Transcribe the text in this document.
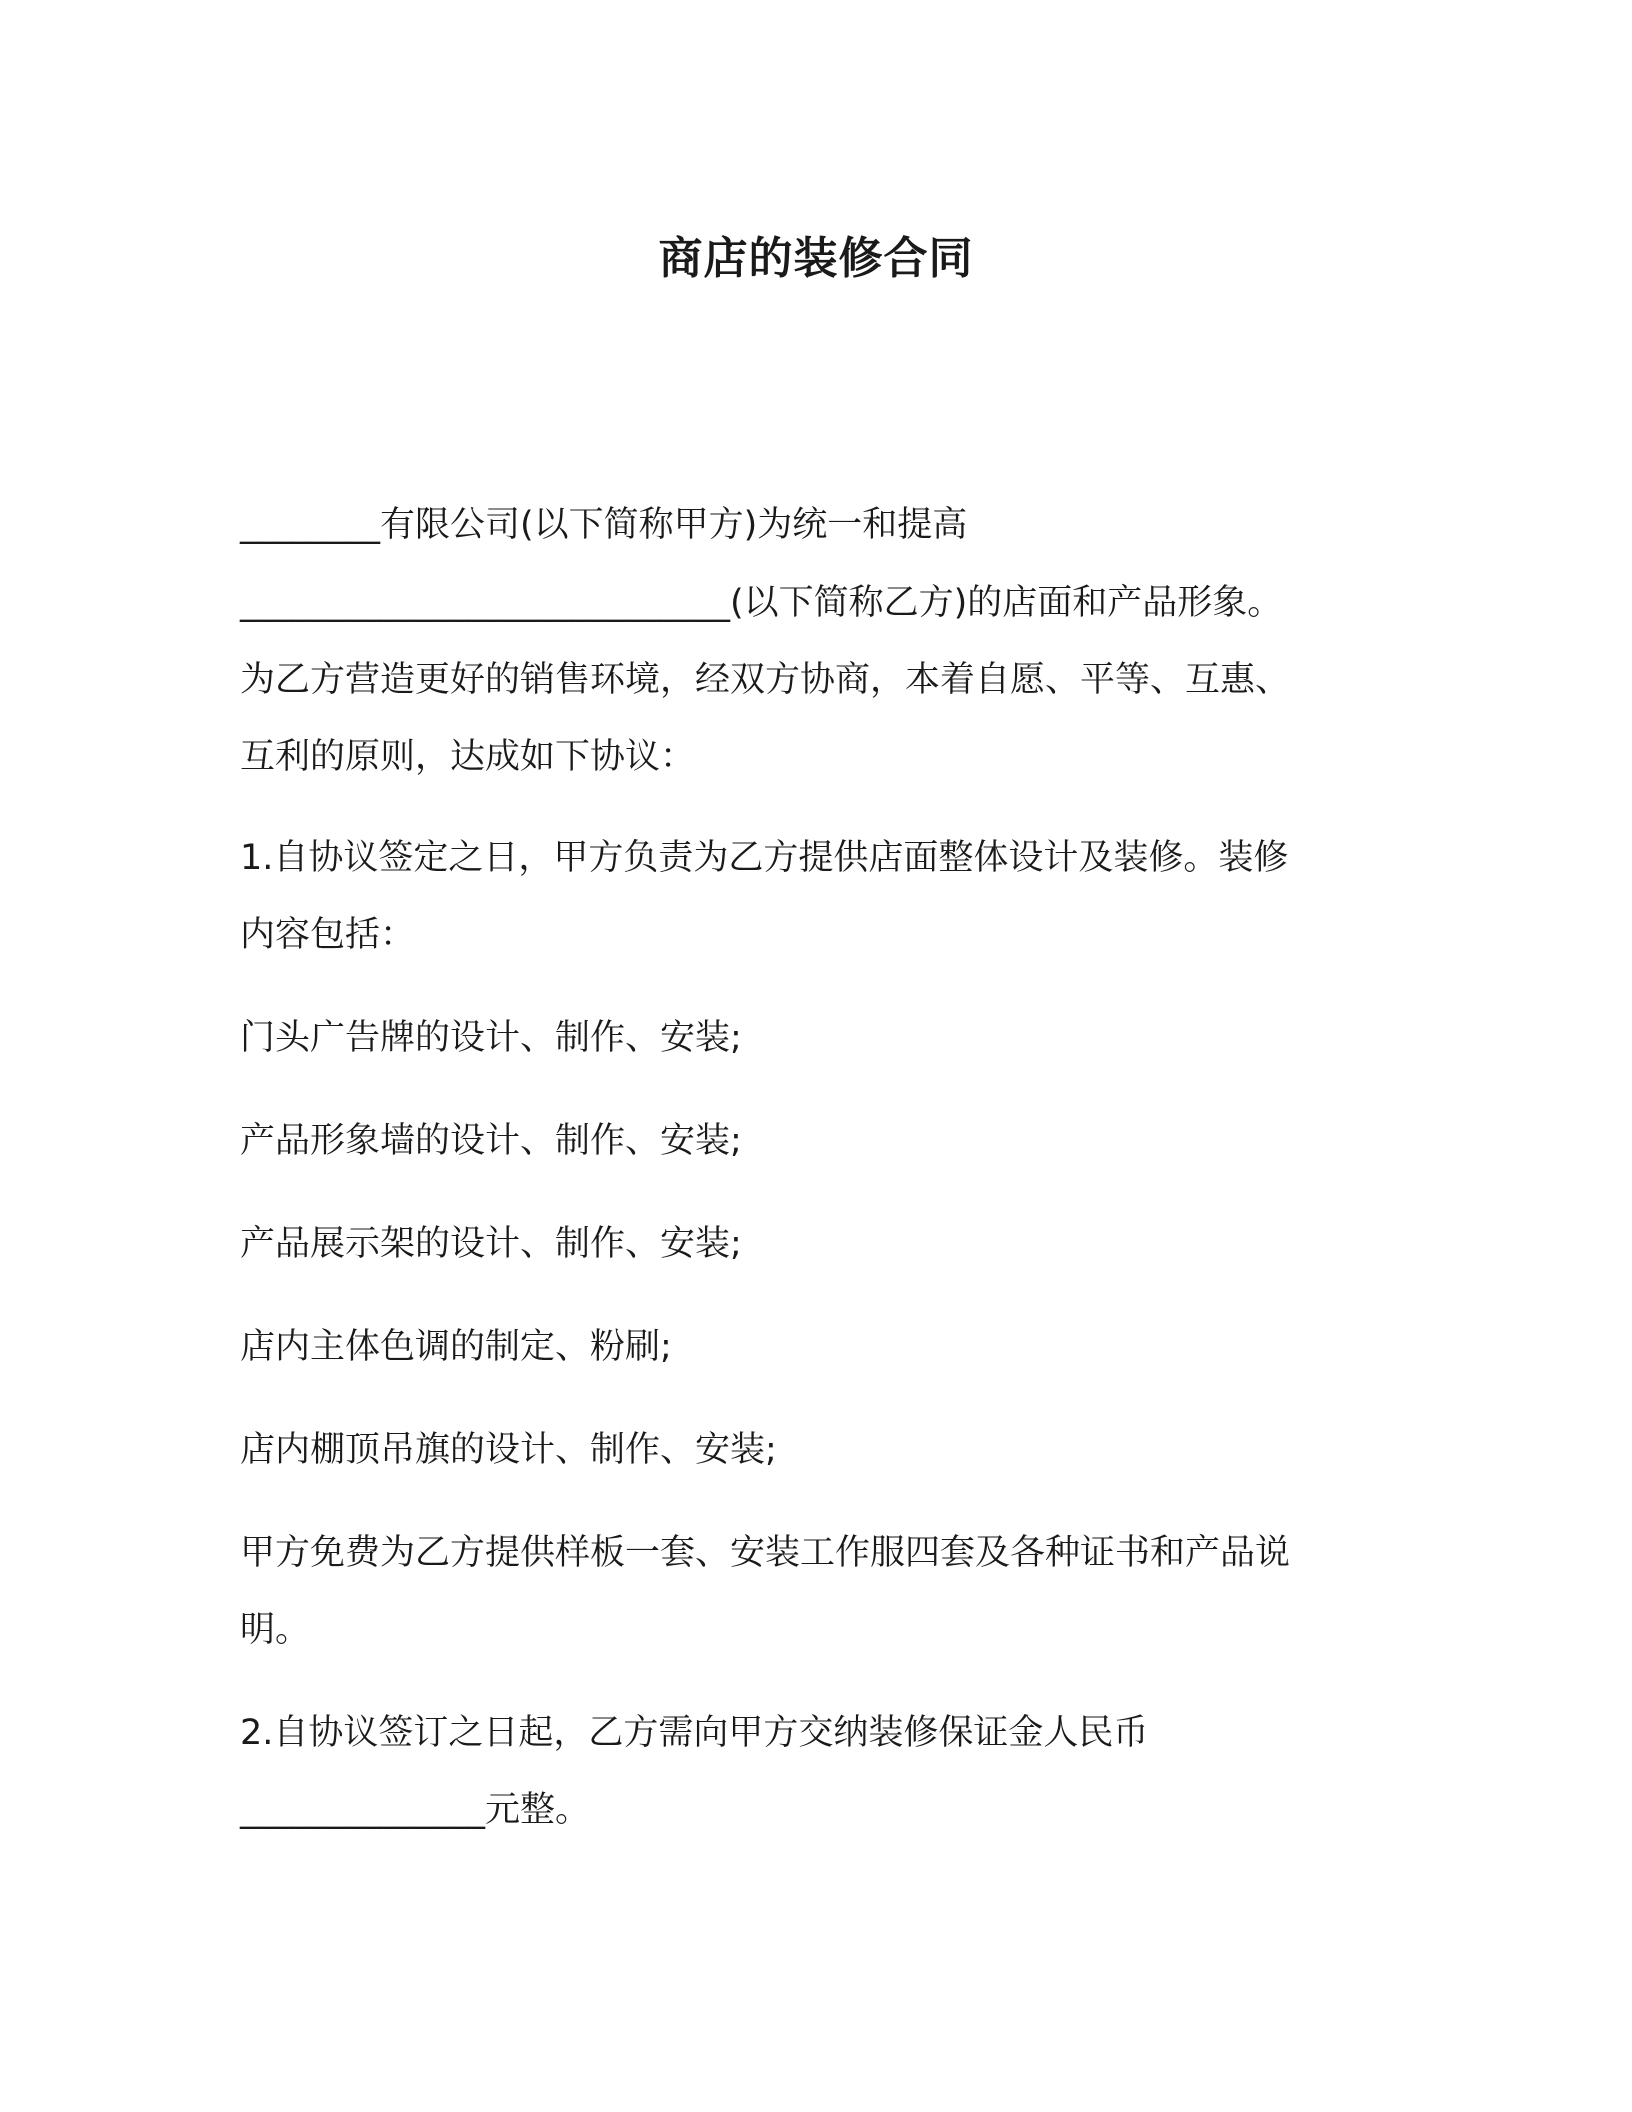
商店的装修合同
________有限公司(以下简称甲方)为统一和提高
____________________________(以下简称乙方)的店面和产品形象。
为乙方营造更好的销售环境，经双方协商，本着自愿、平等、互惠、
互利的原则，达成如下协议：
1.自协议签定之日，甲方负责为乙方提供店面整体设计及装修。装修
内容包括：
门头广告牌的设计、制作、安装;
产品形象墙的设计、制作、安装;
产品展示架的设计、制作、安装;
店内主体色调的制定、粉刷;
店内棚顶吊旗的设计、制作、安装;
甲方免费为乙方提供样板一套、安装工作服四套及各种证书和产品说
明。
2.自协议签订之日起，乙方需向甲方交纳装修保证金人民币
______________元整。
